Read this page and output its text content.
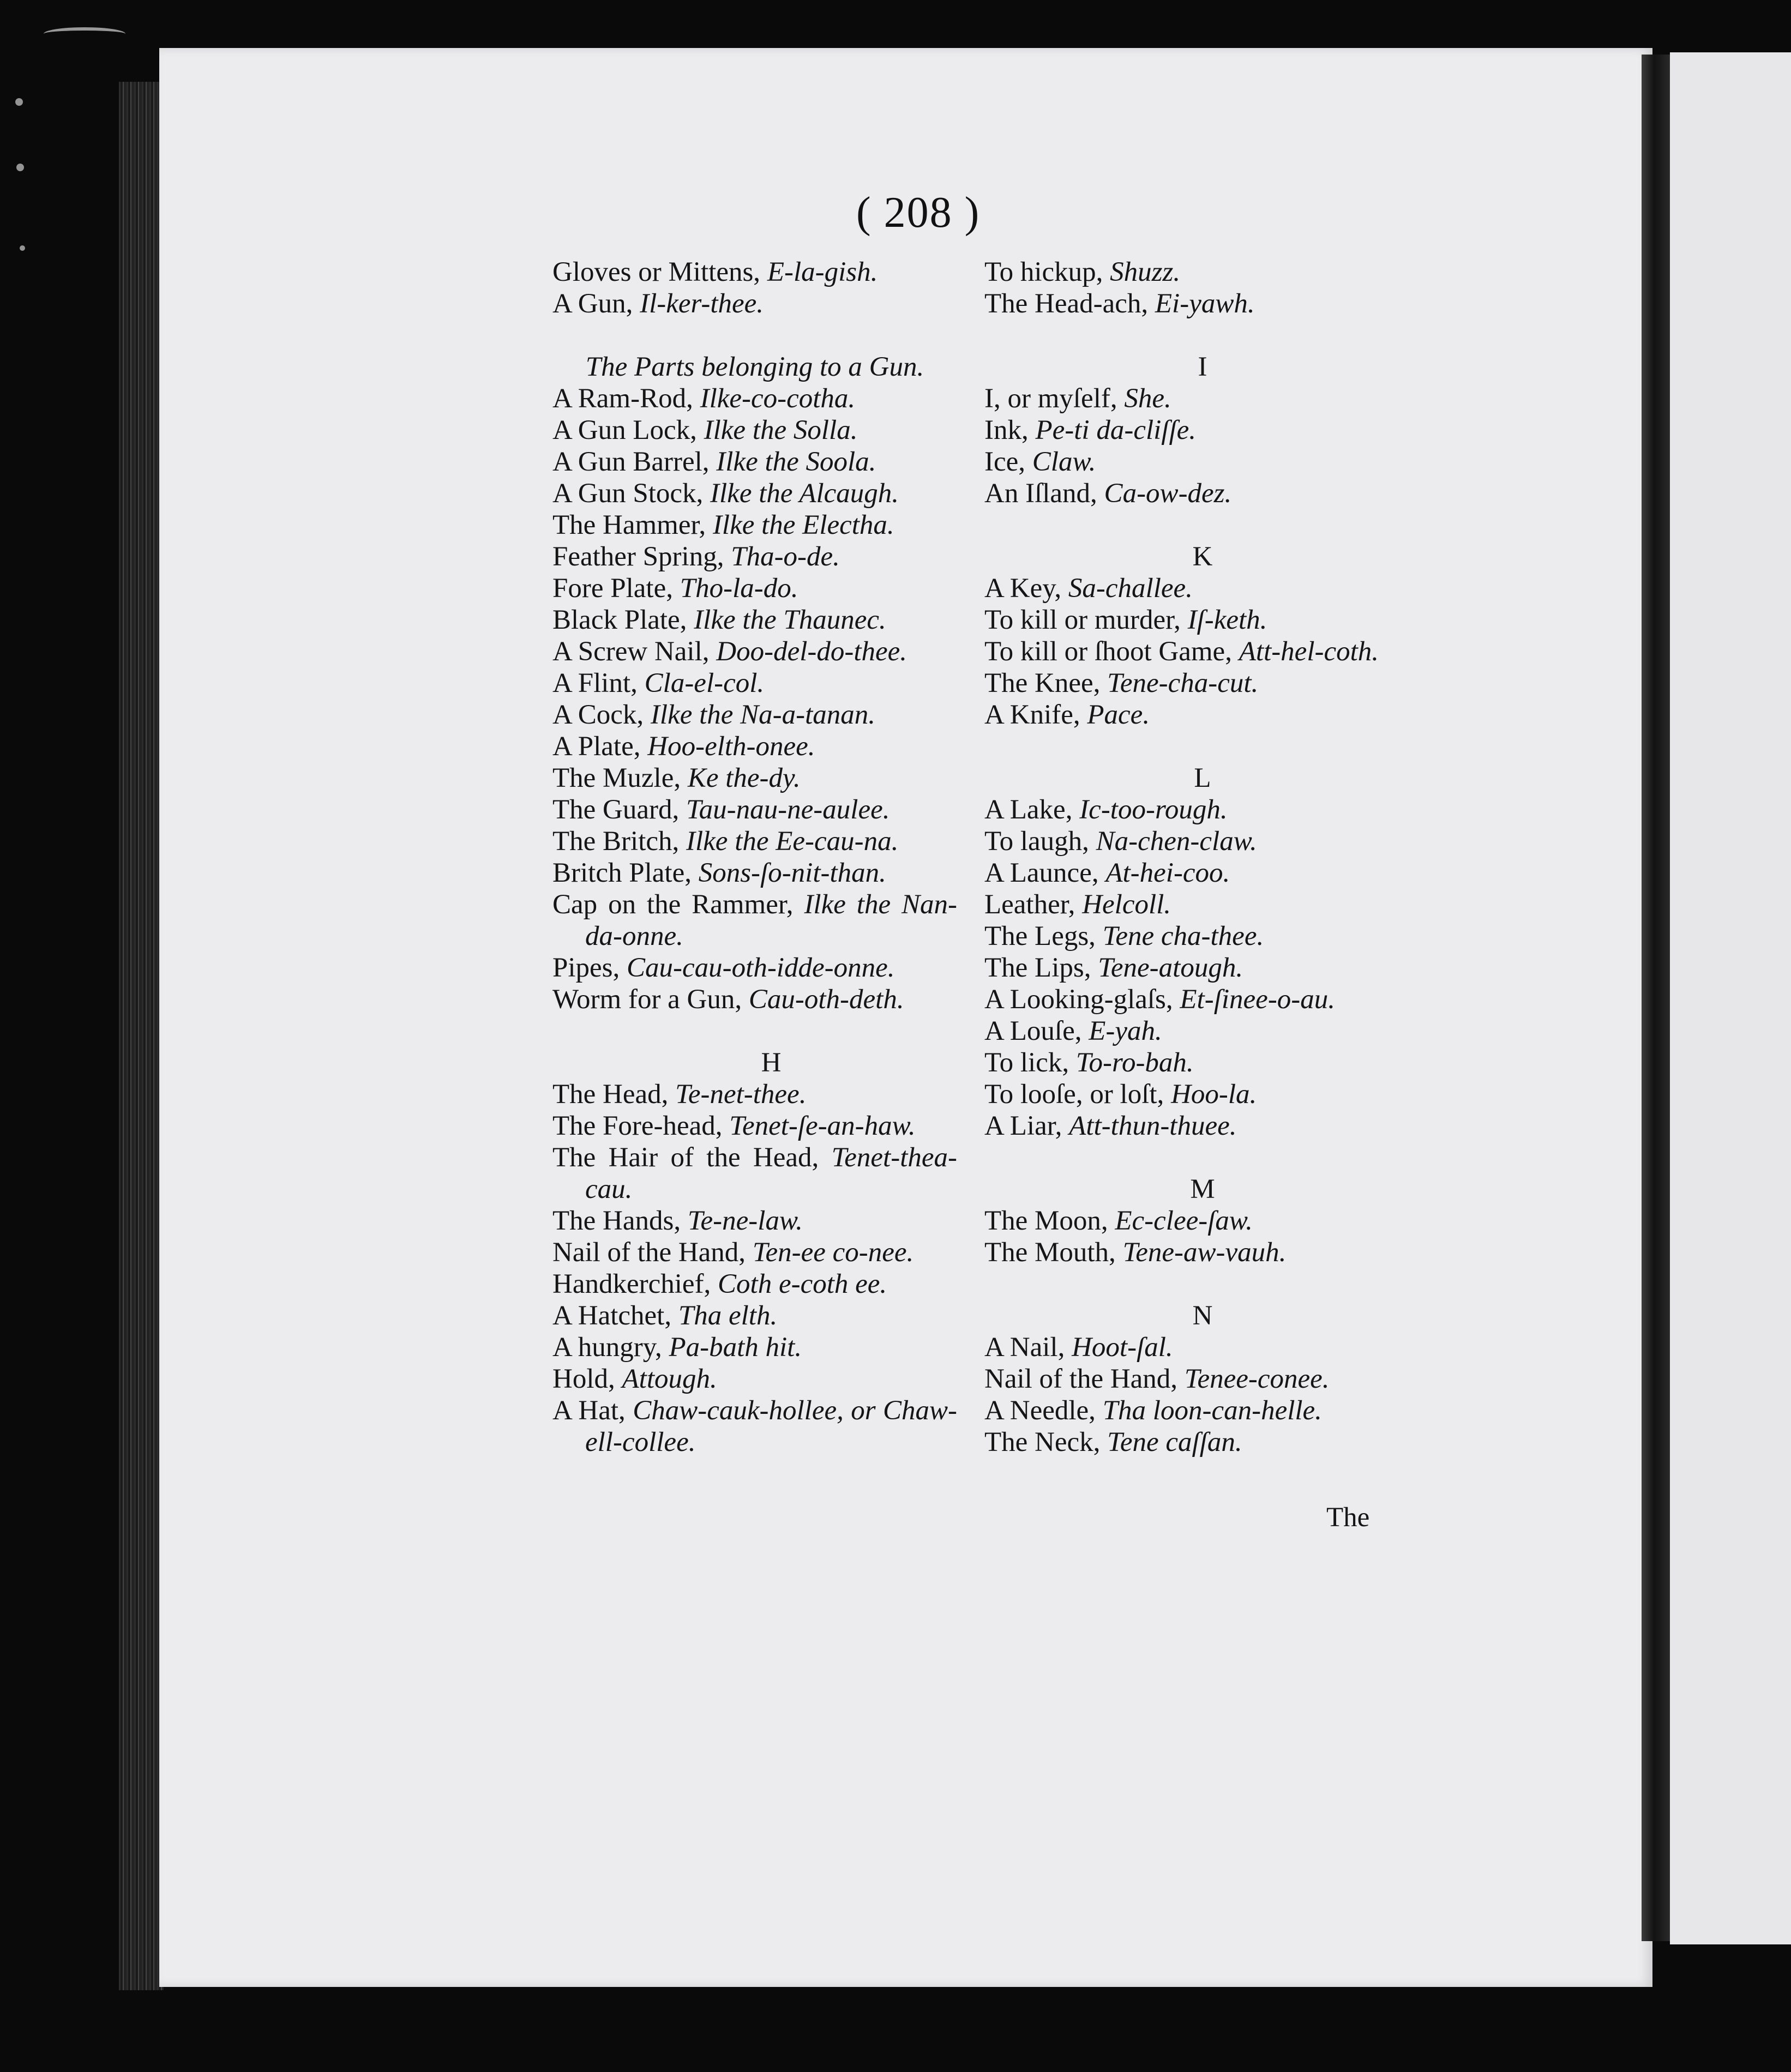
( 208 )
Gloves or Mittens, E-la-gish.
A Gun, Il-ker-thee.
The Parts belonging to a Gun.
A Ram-Rod, Ilke-co-cotha.
A Gun Lock, Ilke the Solla.
A Gun Barrel, Ilke the Soola.
A Gun Stock, Ilke the Alcaugh.
The Hammer, Ilke the Electha.
Feather Spring, Tha-o-de.
Fore Plate, Tho-la-do.
Black Plate, Ilke the Thaunec.
A Screw Nail, Doo-del-do-thee.
A Flint, Cla-el-col.
A Cock, Ilke the Na-a-tanan.
A Plate, Hoo-elth-onee.
The Muzle, Ke the-dy.
The Guard, Tau-nau-ne-aulee.
The Britch, Ilke the Ee-cau-na.
Britch Plate, Sons-ſo-nit-than.
Cap on the Rammer, Ilke the Nan-da-onne.
Pipes, Cau-cau-oth-idde-onne.
Worm for a Gun, Cau-oth-deth.
H
The Head, Te-net-thee.
The Fore-head, Tenet-ſe-an-haw.
The Hair of the Head, Tenet-thea-cau.
The Hands, Te-ne-law.
Nail of the Hand, Ten-ee co-nee.
Handkerchief, Coth e-coth ee.
A Hatchet, Tha elth.
A hungry, Pa-bath hit.
Hold, Attough.
A Hat, Chaw-cauk-hollee, or Chaw-ell-collee.
To hickup, Shuzz.
The Head-ach, Ei-yawh.
I
I, or myſelf, She.
Ink, Pe-ti da-cliſſe.
Ice, Claw.
An Iſland, Ca-ow-dez.
K
A Key, Sa-challee.
To kill or murder, Iſ-keth.
To kill or ſhoot Game, Att-hel-coth.
The Knee, Tene-cha-cut.
A Knife, Pace.
L
A Lake, Ic-too-rough.
To laugh, Na-chen-claw.
A Launce, At-hei-coo.
Leather, Helcoll.
The Legs, Tene cha-thee.
The Lips, Tene-atough.
A Looking-glaſs, Et-ſinee-o-au.
A Louſe, E-yah.
To lick, To-ro-bah.
To looſe, or loſt, Hoo-la.
A Liar, Att-thun-thuee.
M
The Moon, Ec-clee-ſaw.
The Mouth, Tene-aw-vauh.
N
A Nail, Hoot-ſal.
Nail of the Hand, Tenee-conee.
A Needle, Tha loon-can-helle.
The Neck, Tene caſſan.
The
